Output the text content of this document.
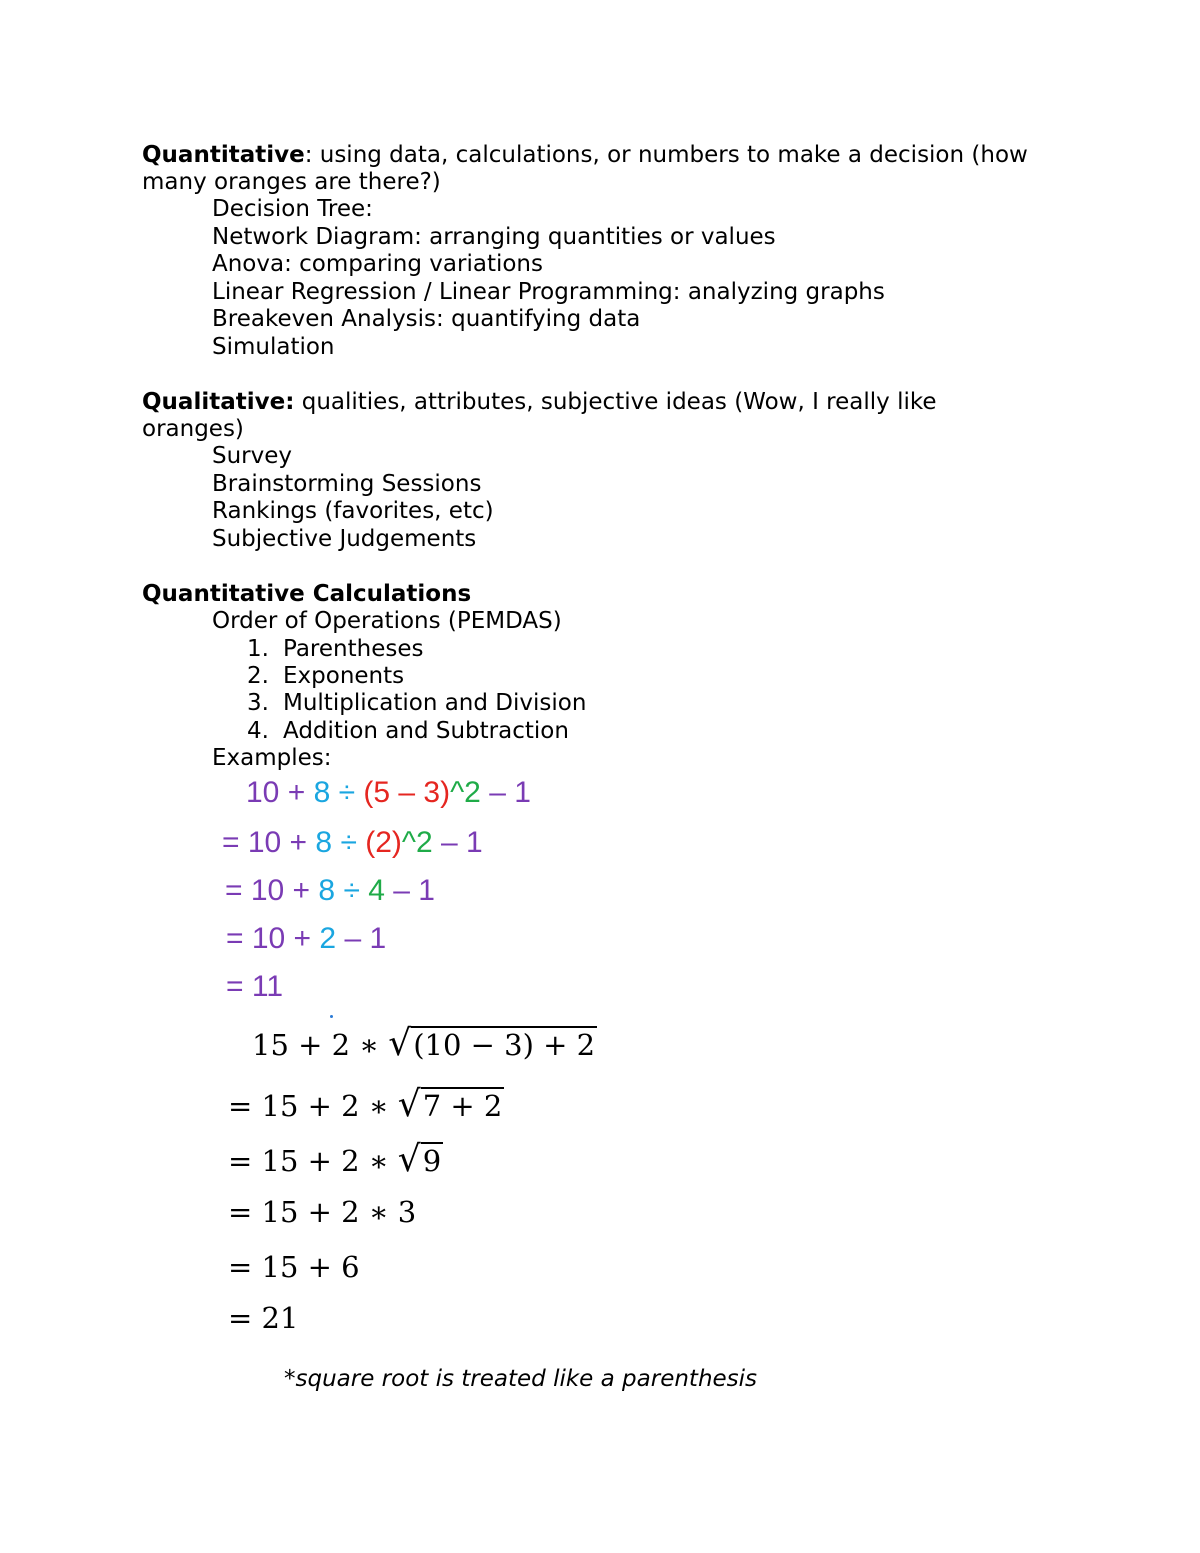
Quantitative: using data, calculations, or numbers to make a decision (how
many oranges are there?)
Decision Tree:
Network Diagram: arranging quantities or values
Anova: comparing variations
Linear Regression / Linear Programming: analyzing graphs
Breakeven Analysis: quantifying data
Simulation
Qualitative: qualities, attributes, subjective ideas (Wow, I really like
oranges)
Survey
Brainstorming Sessions
Rankings (favorites, etc)
Subjective Judgements
Quantitative Calculations
Order of Operations (PEMDAS)
1. Parentheses
2. Exponents
3. Multiplication and Division
4. Addition and Subtraction
Examples:
10 + 8 ÷ (5 – 3)^2 – 1
= 10 + 8 ÷ (2)^2 – 1
= 10 + 8 ÷ 4 – 1
= 10 + 2 – 1
= 11
15 + 2 ∗ √(10 − 3) + 2
= 15 + 2 ∗ √7 + 2
= 15 + 2 ∗ √9
= 15 + 2 ∗ 3
= 15 + 6
= 21
*square root is treated like a parenthesis
